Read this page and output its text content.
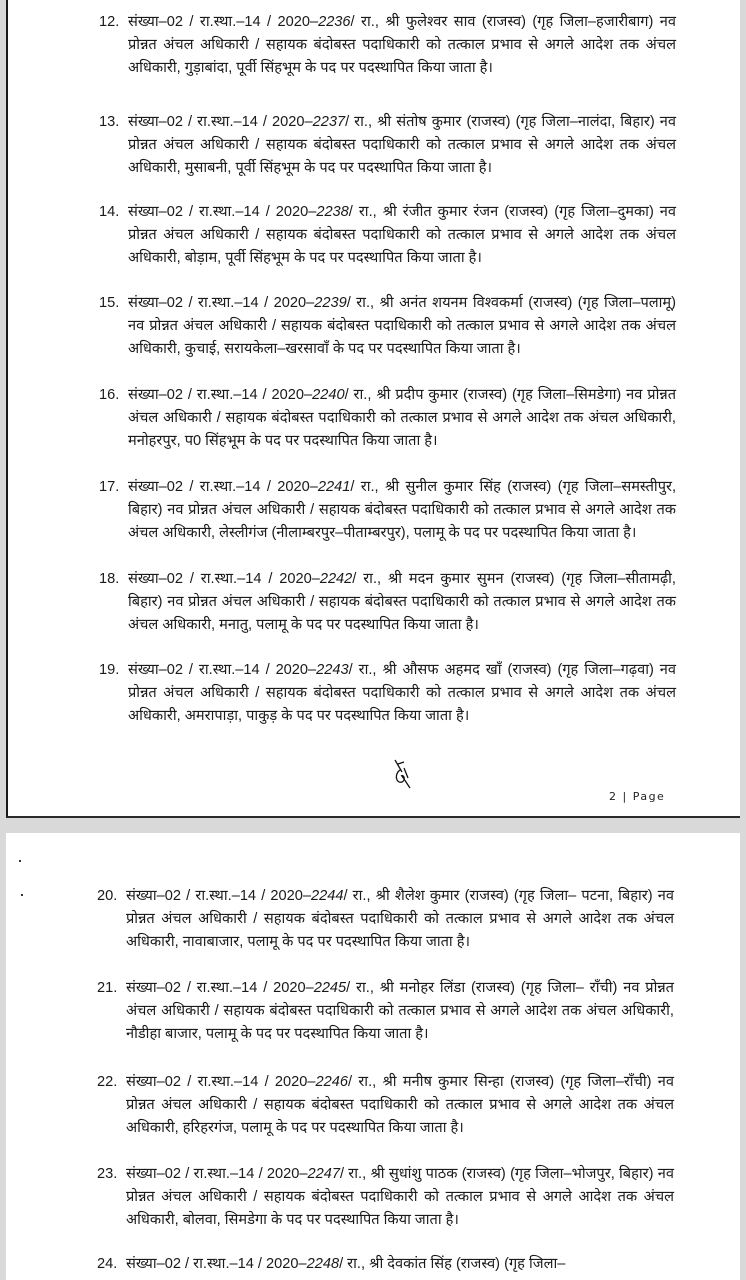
12. संख्या–02 / रा.स्था.–14 / 2020–2236/ रा., श्री फुलेश्वर साव (राजस्व) (गृह जिला–हजारीबाग) नव प्रोन्नत अंचल अधिकारी / सहायक बंदोबस्त पदाधिकारी को तत्काल प्रभाव से अगले आदेश तक अंचल अधिकारी, गुड़ाबांदा, पूर्वी सिंहभूम के पद पर पदस्थापित किया जाता है।
13. संख्या–02 / रा.स्था.–14 / 2020–2237/ रा., श्री संतोष कुमार (राजस्व) (गृह जिला–नालंदा, बिहार) नव प्रोन्नत अंचल अधिकारी / सहायक बंदोबस्त पदाधिकारी को तत्काल प्रभाव से अगले आदेश तक अंचल अधिकारी, मुसाबनी, पूर्वी सिंहभूम के पद पर पदस्थापित किया जाता है।
14. संख्या–02 / रा.स्था.–14 / 2020–2238/ रा., श्री रंजीत कुमार रंजन (राजस्व) (गृह जिला–दुमका) नव प्रोन्नत अंचल अधिकारी / सहायक बंदोबस्त पदाधिकारी को तत्काल प्रभाव से अगले आदेश तक अंचल अधिकारी, बोड़ाम, पूर्वी सिंहभूम के पद पर पदस्थापित किया जाता है।
15. संख्या–02 / रा.स्था.–14 / 2020–2239/ रा., श्री अनंत शयनम विश्वकर्मा (राजस्व) (गृह जिला–पलामू) नव प्रोन्नत अंचल अधिकारी / सहायक बंदोबस्त पदाधिकारी को तत्काल प्रभाव से अगले आदेश तक अंचल अधिकारी, कुचाई, सरायकेला–खरसावाँ के पद पर पदस्थापित किया जाता है।
16. संख्या–02 / रा.स्था.–14 / 2020–2240/ रा., श्री प्रदीप कुमार (राजस्व) (गृह जिला–सिमडेगा) नव प्रोन्नत अंचल अधिकारी / सहायक बंदोबस्त पदाधिकारी को तत्काल प्रभाव से अगले आदेश तक अंचल अधिकारी, मनोहरपुर, प0 सिंहभूम के पद पर पदस्थापित किया जाता है।
17. संख्या–02 / रा.स्था.–14 / 2020–2241/ रा., श्री सुनील कुमार सिंह (राजस्व) (गृह जिला–समस्तीपुर, बिहार) नव प्रोन्नत अंचल अधिकारी / सहायक बंदोबस्त पदाधिकारी को तत्काल प्रभाव से अगले आदेश तक अंचल अधिकारी, लेस्लीगंज (नीलाम्बरपुर–पीताम्बरपुर), पलामू के पद पर पदस्थापित किया जाता है।
18. संख्या–02 / रा.स्था.–14 / 2020–2242/ रा., श्री मदन कुमार सुमन (राजस्व) (गृह जिला–सीतामढ़ी, बिहार) नव प्रोन्नत अंचल अधिकारी / सहायक बंदोबस्त पदाधिकारी को तत्काल प्रभाव से अगले आदेश तक अंचल अधिकारी, मनातु, पलामू के पद पर पदस्थापित किया जाता है।
19. संख्या–02 / रा.स्था.–14 / 2020–2243/ रा., श्री औसफ अहमद खाँ (राजस्व) (गृह जिला–गढ़वा) नव प्रोन्नत अंचल अधिकारी / सहायक बंदोबस्त पदाधिकारी को तत्काल प्रभाव से अगले आदेश तक अंचल अधिकारी, अमरापाड़ा, पाकुड़ के पद पर पदस्थापित किया जाता है।
2 | Page
20. संख्या–02 / रा.स्था.–14 / 2020–2244/ रा., श्री शैलेश कुमार (राजस्व) (गृह जिला– पटना, बिहार) नव प्रोन्नत अंचल अधिकारी / सहायक बंदोबस्त पदाधिकारी को तत्काल प्रभाव से अगले आदेश तक अंचल अधिकारी, नावाबाजार, पलामू के पद पर पदस्थापित किया जाता है।
21. संख्या–02 / रा.स्था.–14 / 2020–2245/ रा., श्री मनोहर लिंडा (राजस्व) (गृह जिला– राँची) नव प्रोन्नत अंचल अधिकारी / सहायक बंदोबस्त पदाधिकारी को तत्काल प्रभाव से अगले आदेश तक अंचल अधिकारी, नौडीहा बाजार, पलामू के पद पर पदस्थापित किया जाता है।
22. संख्या–02 / रा.स्था.–14 / 2020–2246/ रा., श्री मनीष कुमार सिन्हा (राजस्व) (गृह जिला–राँची) नव प्रोन्नत अंचल अधिकारी / सहायक बंदोबस्त पदाधिकारी को तत्काल प्रभाव से अगले आदेश तक अंचल अधिकारी, हरिहरगंज, पलामू के पद पर पदस्थापित किया जाता है।
23. संख्या–02 / रा.स्था.–14 / 2020–2247/ रा., श्री सुधांशु पाठक (राजस्व) (गृह जिला–भोजपुर, बिहार) नव प्रोन्नत अंचल अधिकारी / सहायक बंदोबस्त पदाधिकारी को तत्काल प्रभाव से अगले आदेश तक अंचल अधिकारी, बोलवा, सिमडेगा के पद पर पदस्थापित किया जाता है।
24. संख्या–02 / रा.स्था.–14 / 2020–2248/ रा., श्री देवकांत सिंह (राजस्व) (गृह जिला–
